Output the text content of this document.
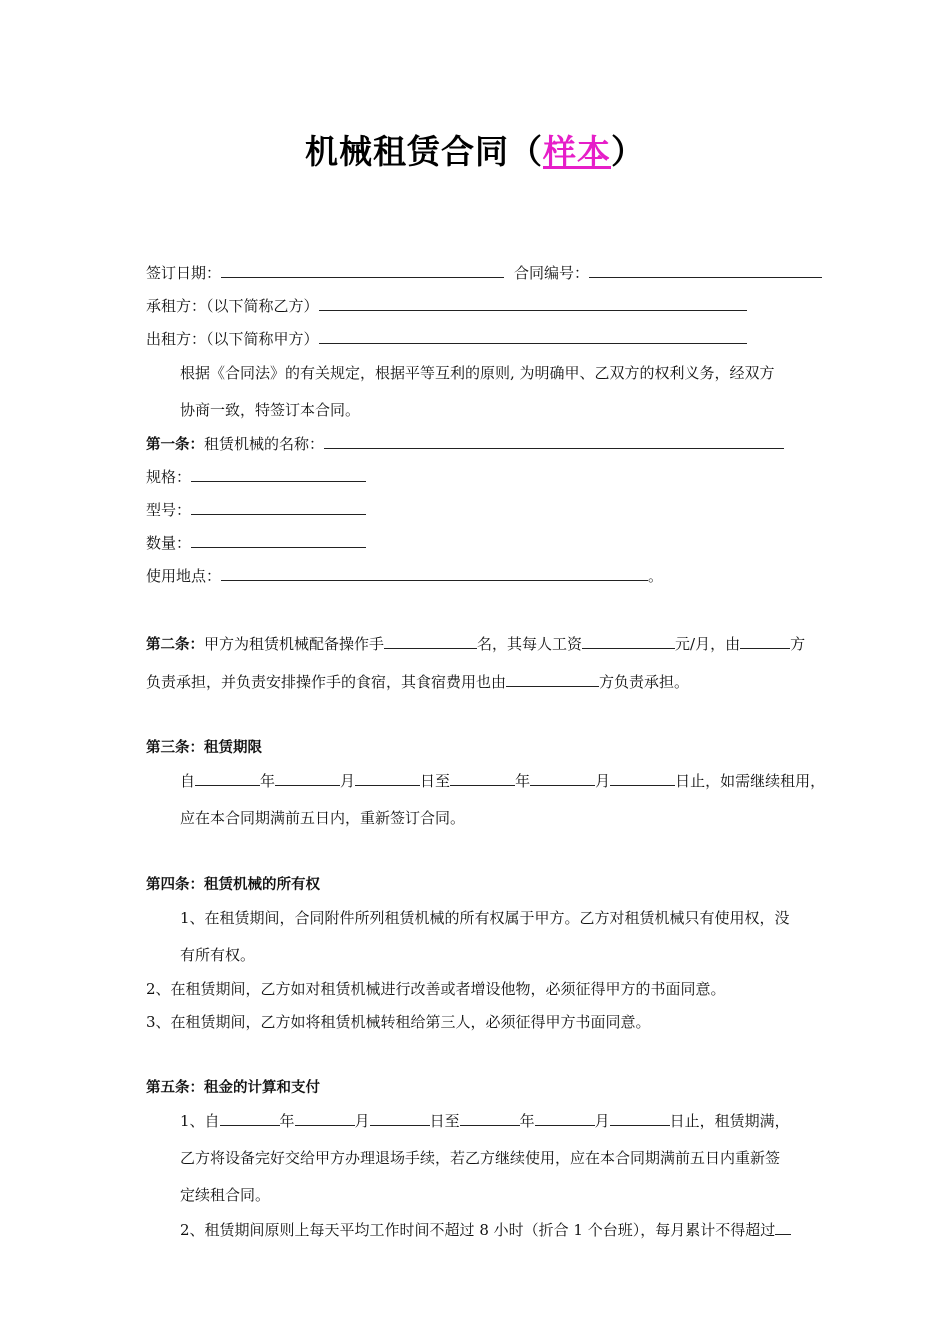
机械租赁合同（样本）
签订日期：	合同编号：
承租方：（以下简称乙方）
出租方：（以下简称甲方）
根据《合同法》的有关规定，根据平等互利的原则, 为明确甲、乙双方的权利义务，经双方
协商一致，特签订本合同。
第一条：租赁机械的名称：
规格：
型号：
数量：
使用地点：	。
第二条：甲方为租赁机械配备操作手	名，其每人工资	元/月，由	方
负责承担，并负责安排操作手的食宿，其食宿费用也由	方负责承担。
第三条：租赁期限
自	年	月	日至	年	月	日止，如需继续租用，
应在本合同期满前五日内，重新签订合同。
第四条：租赁机械的所有权
1、在租赁期间，合同附件所列租赁机械的所有权属于甲方。乙方对租赁机械只有使用权，没
有所有权。
2、在租赁期间，乙方如对租赁机械进行改善或者增设他物，必须征得甲方的书面同意。
3、在租赁期间，乙方如将租赁机械转租给第三人，必须征得甲方书面同意。
第五条：租金的计算和支付
1、自	年	月	日至	年	月	日止，租赁期满，
乙方将设备完好交给甲方办理退场手续，若乙方继续使用，应在本合同期满前五日内重新签
定续租合同。
2、租赁期间原则上每天平均工作时间不超过 8 小时（折合 1 个台班），每月累计不得超过
